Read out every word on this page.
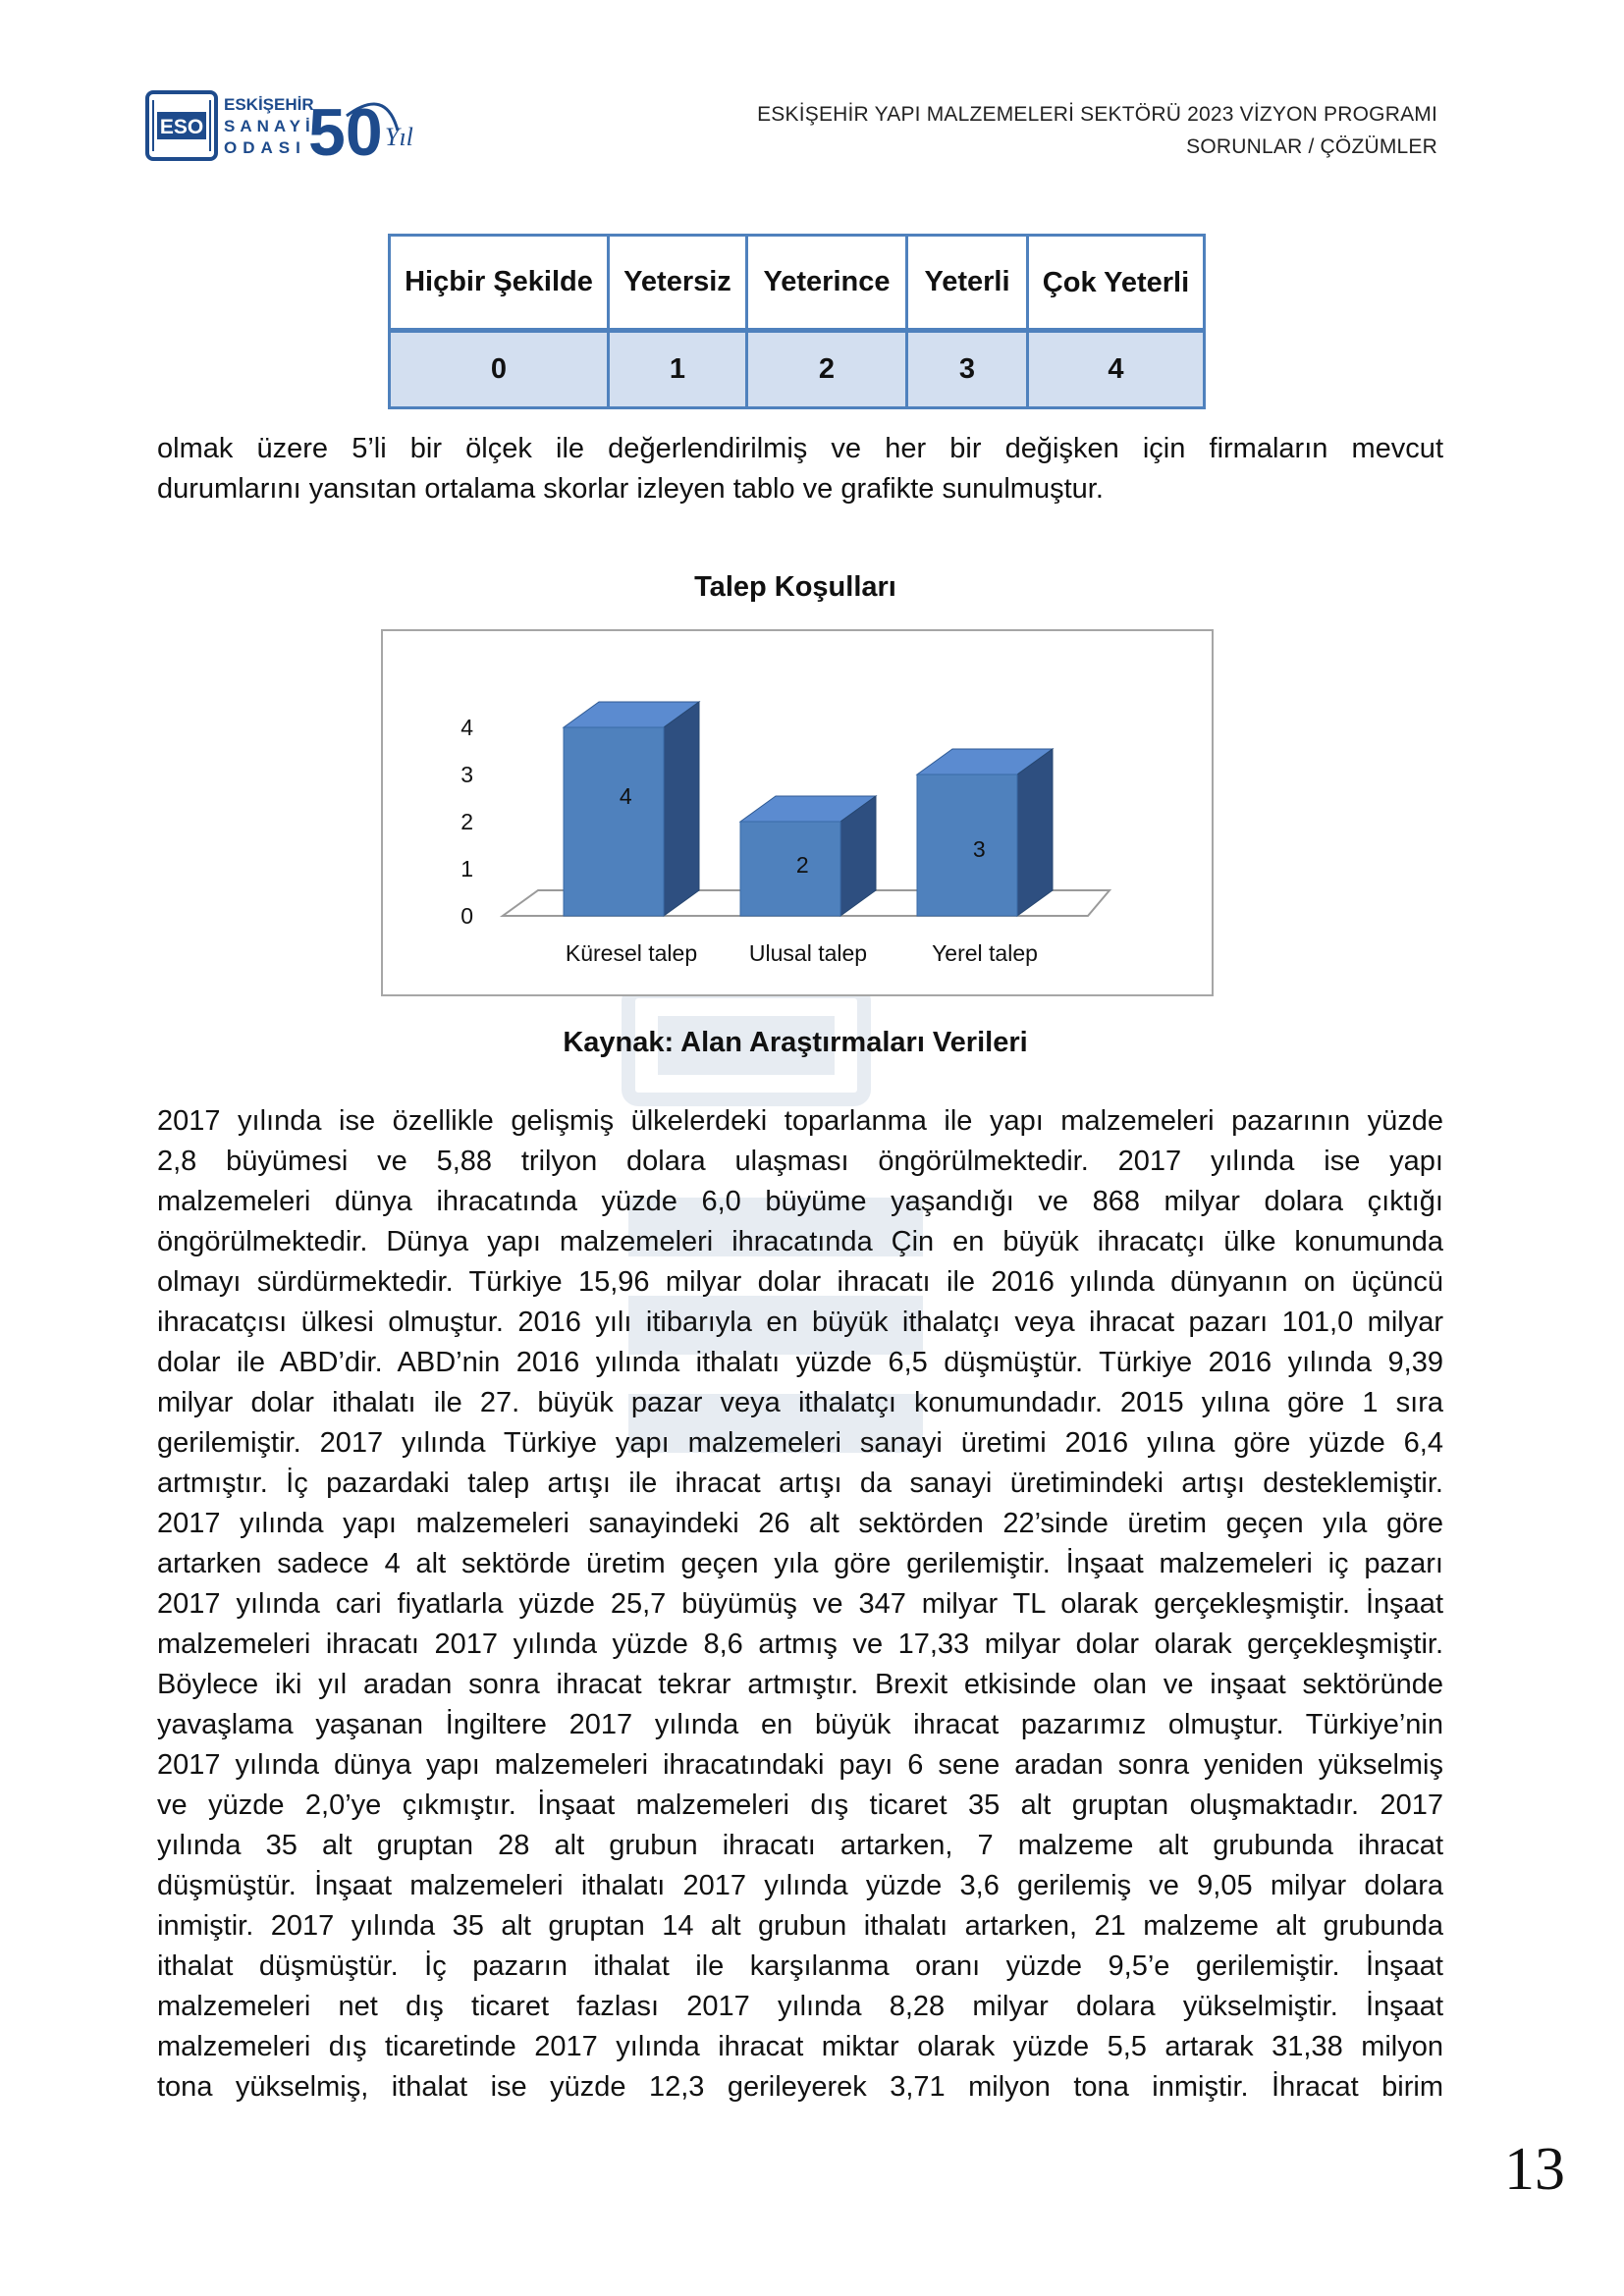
ESO
ESKİŞEHİR
SANAYİ
ODASI 50 Yıl
ESKİŞEHİR YAPI MALZEMELERİ SEKTÖRÜ 2023 VİZYON PROGRAMI
SORUNLAR / ÇÖZÜMLER
Hiçbir Şekilde	Yetersiz	Yeterince	Yeterli	Çok Yeterli
0	1	2	3	4
olmak üzere 5’li bir ölçek ile değerlendirilmiş ve her bir değişken için firmaların mevcut
durumlarını yansıtan ortalama skorlar izleyen tablo ve grafikte sunulmuştur.
Talep Koşulları
0
1
2
3
4
4
Küresel talep
2
Ulusal talep
3
Yerel talep
Kaynak: Alan Araştırmaları Verileri
2017 yılında ise özellikle gelişmiş ülkelerdeki toparlanma ile yapı malzemeleri pazarının yüzde
2,8 büyümesi ve 5,88 trilyon dolara ulaşması öngörülmektedir. 2017 yılında ise yapı
malzemeleri dünya ihracatında yüzde 6,0 büyüme yaşandığı ve 868 milyar dolara çıktığı
öngörülmektedir. Dünya yapı malzemeleri ihracatında Çin en büyük ihracatçı ülke konumunda
olmayı sürdürmektedir. Türkiye 15,96 milyar dolar ihracatı ile 2016 yılında dünyanın on üçüncü
ihracatçısı ülkesi olmuştur. 2016 yılı itibarıyla en büyük ithalatçı veya ihracat pazarı 101,0 milyar
dolar ile ABD’dir. ABD’nin 2016 yılında ithalatı yüzde 6,5 düşmüştür. Türkiye 2016 yılında 9,39
milyar dolar ithalatı ile 27. büyük pazar veya ithalatçı konumundadır. 2015 yılına göre 1 sıra
gerilemiştir. 2017 yılında Türkiye yapı malzemeleri sanayi üretimi 2016 yılına göre yüzde 6,4
artmıştır. İç pazardaki talep artışı ile ihracat artışı da sanayi üretimindeki artışı desteklemiştir.
2017 yılında yapı malzemeleri sanayindeki 26 alt sektörden 22’sinde üretim geçen yıla göre
artarken sadece 4 alt sektörde üretim geçen yıla göre gerilemiştir. İnşaat malzemeleri iç pazarı
2017 yılında cari fiyatlarla yüzde 25,7 büyümüş ve 347 milyar TL olarak gerçekleşmiştir. İnşaat
malzemeleri ihracatı 2017 yılında yüzde 8,6 artmış ve 17,33 milyar dolar olarak gerçekleşmiştir.
Böylece iki yıl aradan sonra ihracat tekrar artmıştır. Brexit etkisinde olan ve inşaat sektöründe
yavaşlama yaşanan İngiltere 2017 yılında en büyük ihracat pazarımız olmuştur. Türkiye’nin
2017 yılında dünya yapı malzemeleri ihracatındaki payı 6 sene aradan sonra yeniden yükselmiş
ve yüzde 2,0’ye çıkmıştır. İnşaat malzemeleri dış ticaret 35 alt gruptan oluşmaktadır. 2017
yılında 35 alt gruptan 28 alt grubun ihracatı artarken, 7 malzeme alt grubunda ihracat
düşmüştür. İnşaat malzemeleri ithalatı 2017 yılında yüzde 3,6 gerilemiş ve 9,05 milyar dolara
inmiştir. 2017 yılında 35 alt gruptan 14 alt grubun ithalatı artarken, 21 malzeme alt grubunda
ithalat düşmüştür. İç pazarın ithalat ile karşılanma oranı yüzde 9,5’e gerilemiştir. İnşaat
malzemeleri net dış ticaret fazlası 2017 yılında 8,28 milyar dolara yükselmiştir. İnşaat
malzemeleri dış ticaretinde 2017 yılında ihracat miktar olarak yüzde 5,5 artarak 31,38 milyon
tona yükselmiş, ithalat ise yüzde 12,3 gerileyerek 3,71 milyon tona inmiştir. İhracat birim
13
